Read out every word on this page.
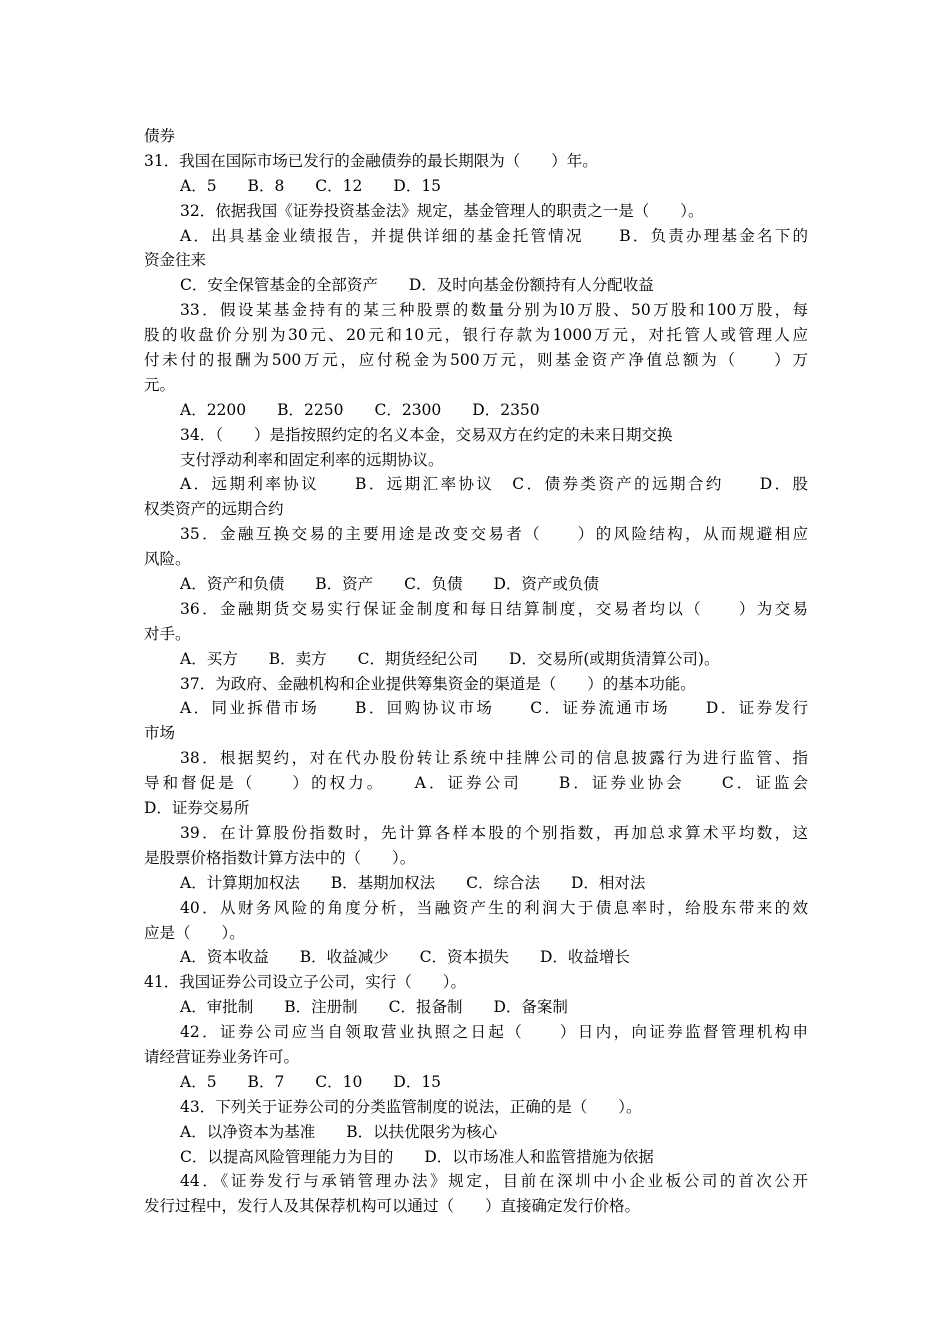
债券
31．我国在国际市场已发行的金融债券的最长期限为（　　）年。
A．5　　B．8　　C．12　　D．15
32．依据我国《证券投资基金法》规定，基金管理人的职责之一是（　　）。
A．出具基金业绩报告，并提供详细的基金托管情况　　B．负责办理基金名下的
资金往来
C．安全保管基金的全部资产　　D．及时向基金份额持有人分配收益
33．假设某基金持有的某三种股票的数量分别为l0万股、50万股和100万股，每
股的收盘价分别为30元、20元和10元，银行存款为1000万元，对托管人或管理人应
付未付的报酬为500万元，应付税金为500万元，则基金资产净值总额为（　　）万
元。
A．2200　　B．2250　　C．2300　　D．2350
34．（　　）是指按照约定的名义本金，交易双方在约定的未来日期交换
支付浮动利率和固定利率的远期协议。
A．远期利率协议　　B．远期汇率协议　C．债券类资产的远期合约　　D．股
权类资产的远期合约
35．金融互换交易的主要用途是改变交易者（　　）的风险结构，从而规避相应
风险。
A．资产和负债　　B．资产　　C．负债　　D．资产或负债
36．金融期货交易实行保证金制度和每日结算制度，交易者均以（　　）为交易
对手。
A．买方　　B．卖方　　C．期货经纪公司　　D．交易所(或期货清算公司)。
37．为政府、金融机构和企业提供筹集资金的渠道是（　　）的基本功能。
A．同业拆借市场　　B．回购协议市场　　C．证券流通市场　　D．证券发行
市场
38．根据契约，对在代办股份转让系统中挂牌公司的信息披露行为进行监管、指
导和督促是（　　）的权力。　　A．证券公司　　B．证券业协会　　C．证监会
D．证券交易所
39．在计算股份指数时，先计算各样本股的个别指数，再加总求算术平均数，这
是股票价格指数计算方法中的（　　）。
A．计算期加权法　　B．基期加权法　　C．综合法　　D．相对法
40．从财务风险的角度分析，当融资产生的利润大于债息率时，给股东带来的效
应是（　　）。
A．资本收益　　B．收益减少　　C．资本损失　　D．收益增长
41．我国证券公司设立子公司，实行（　　）。
A．审批制　　B．注册制　　C．报备制　　D．备案制
42．证券公司应当自领取营业执照之日起（　　）日内，向证券监督管理机构申
请经营证券业务许可。
A．5　　B．7　　C．10　　D．15
43．下列关于证券公司的分类监管制度的说法，正确的是（　　）。
A．以净资本为基准　　B．以扶优限劣为核心
C．以提高风险管理能力为目的　　D．以市场准人和监管措施为依据
44．《证券发行与承销管理办法》规定，目前在深圳中小企业板公司的首次公开
发行过程中，发行人及其保荐机构可以通过（　　）直接确定发行价格。
